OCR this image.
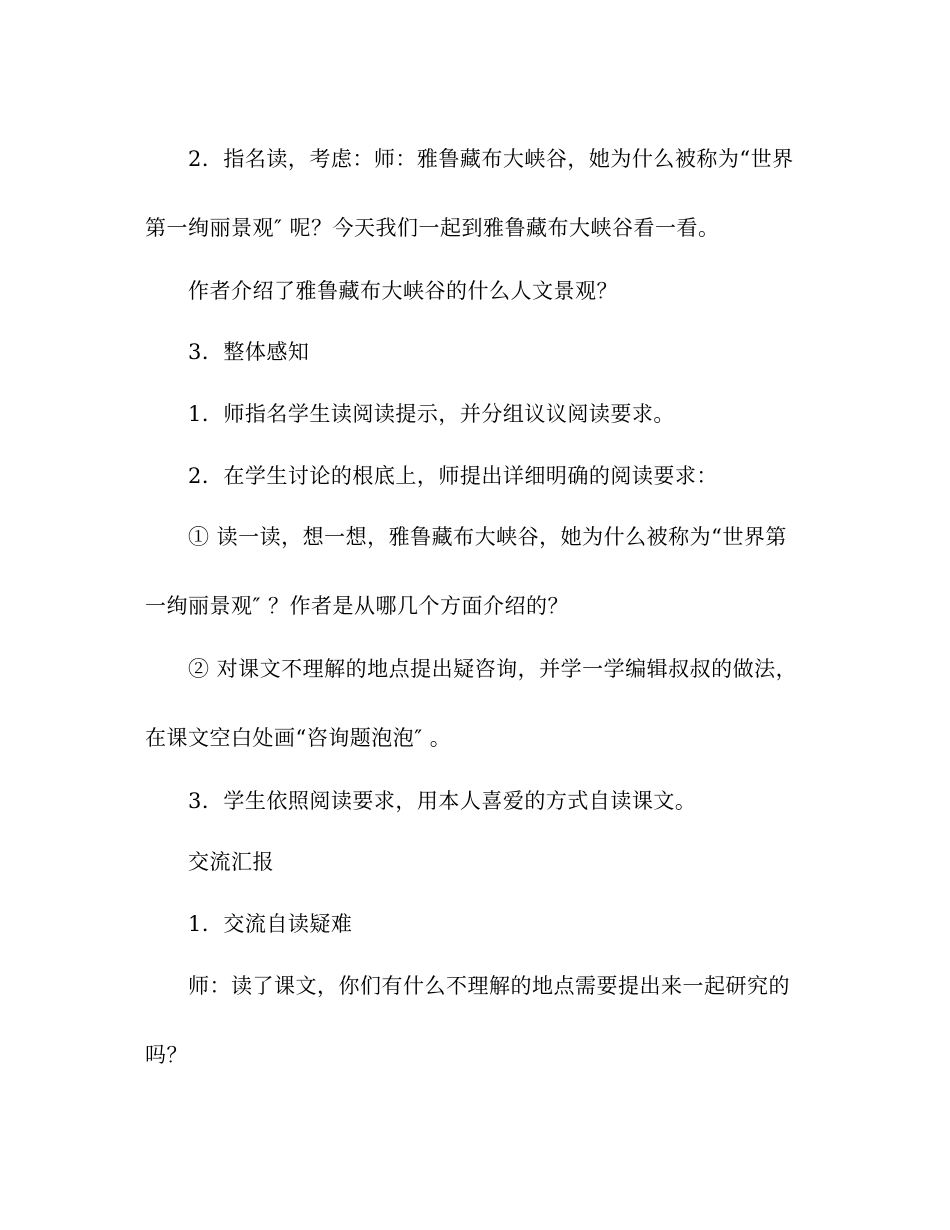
2．指名读，考虑：师：雅鲁藏布大峡谷，她为什么被称为“世界
第一绚丽景观″ 呢？今天我们一起到雅鲁藏布大峡谷看一看。
作者介绍了雅鲁藏布大峡谷的什么人文景观？
3．整体感知
1．师指名学生读阅读提示，并分组议议阅读要求。
2．在学生讨论的根底上，师提出详细明确的阅读要求：
① 读一读，想一想，雅鲁藏布大峡谷，她为什么被称为“世界第
一绚丽景观″ ？作者是从哪几个方面介绍的？
② 对课文不理解的地点提出疑咨询，并学一学编辑叔叔的做法，
在课文空白处画“咨询题泡泡″ 。
3．学生依照阅读要求，用本人喜爱的方式自读课文。
交流汇报
1．交流自读疑难
师：读了课文，你们有什么不理解的地点需要提出来一起研究的
吗？
